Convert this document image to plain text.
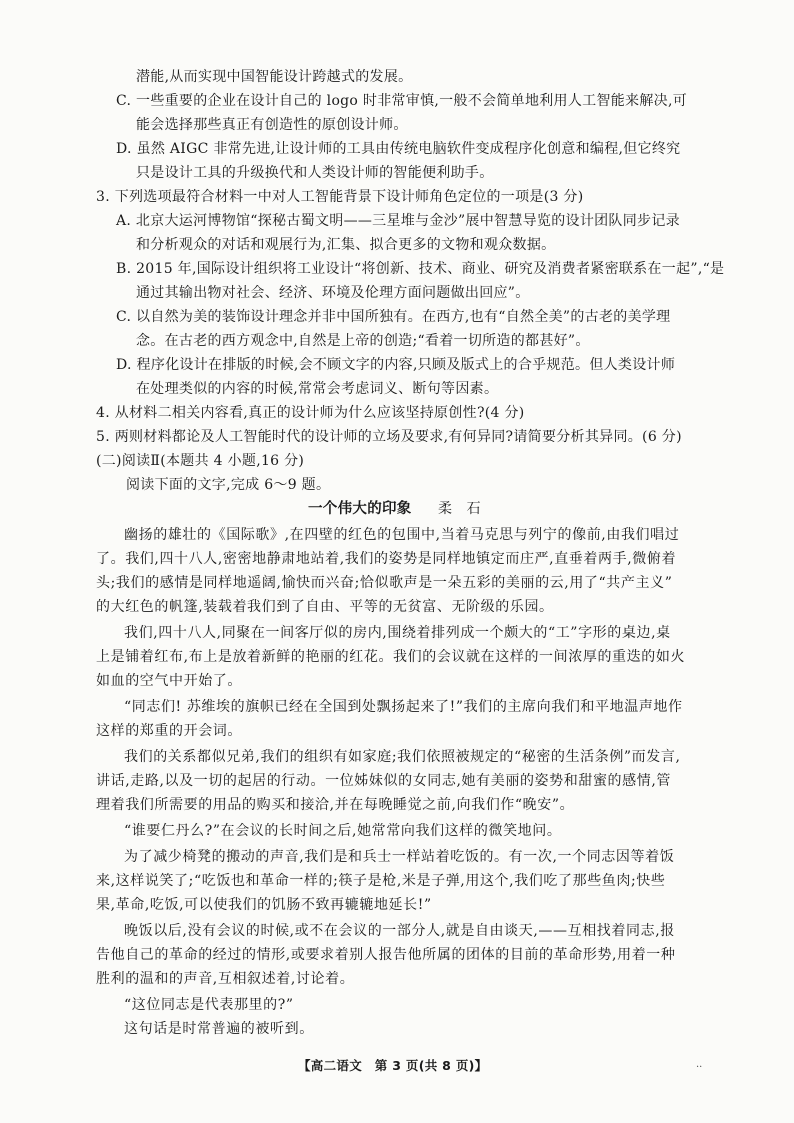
潜能,从而实现中国智能设计跨越式的发展。

C. 一些重要的企业在设计自己的 logo 时非常审慎,一般不会简单地利用人工智能来解决,可

能会选择那些真正有创造性的原创设计师。

D. 虽然 AIGC 非常先进,让设计师的工具由传统电脑软件变成程序化创意和编程,但它终究

只是设计工具的升级换代和人类设计师的智能便利助手。

3. 下列选项最符合材料一中对人工智能背景下设计师角色定位的一项是(3 分)

A. 北京大运河博物馆“探秘古蜀文明——三星堆与金沙”展中智慧导览的设计团队同步记录

和分析观众的对话和观展行为,汇集、拟合更多的文物和观众数据。

B. 2015 年,国际设计组织将工业设计“将创新、技术、商业、研究及消费者紧密联系在一起”,“是

通过其输出物对社会、经济、环境及伦理方面问题做出回应”。

C. 以自然为美的装饰设计理念并非中国所独有。在西方,也有“自然全美”的古老的美学理

念。在古老的西方观念中,自然是上帝的创造;“看着一切所造的都甚好”。

D. 程序化设计在排版的时候,会不顾文字的内容,只顾及版式上的合乎规范。但人类设计师

在处理类似的内容的时候,常常会考虑词义、断句等因素。

4. 从材料二相关内容看,真正的设计师为什么应该坚持原创性?(4 分)

5. 两则材料都论及人工智能时代的设计师的立场及要求,有何异同?请简要分析其异同。(6 分)

(二)阅读Ⅱ(本题共 4 小题,16 分)

阅读下面的文字,完成 6～9 题。

一个伟大的印象 柔　石

幽扬的雄壮的《国际歌》,在四壁的红色的包围中,当着马克思与列宁的像前,由我们唱过

了。我们,四十八人,密密地静肃地站着,我们的姿势是同样地镇定而庄严,直垂着两手,微俯着

头;我们的感情是同样地遥阔,愉快而兴奋;恰似歌声是一朵五彩的美丽的云,用了“共产主义”

的大红色的帆篷,装载着我们到了自由、平等的无贫富、无阶级的乐园。

我们,四十八人,同聚在一间客厅似的房内,围绕着排列成一个颇大的“工”字形的桌边,桌

上是铺着红布,布上是放着新鲜的艳丽的红花。我们的会议就在这样的一间浓厚的重迭的如火

如血的空气中开始了。

“同志们! 苏维埃的旗帜已经在全国到处飘扬起来了!”我们的主席向我们和平地温声地作

这样的郑重的开会词。

我们的关系都似兄弟,我们的组织有如家庭;我们依照被规定的“秘密的生活条例”而发言,

讲话,走路,以及一切的起居的行动。一位姊妹似的女同志,她有美丽的姿势和甜蜜的感情,管

理着我们所需要的用品的购买和接洽,并在每晚睡觉之前,向我们作“晚安”。

“谁要仁丹么?”在会议的长时间之后,她常常向我们这样的微笑地问。

为了减少椅凳的搬动的声音,我们是和兵士一样站着吃饭的。有一次,一个同志因等着饭

来,这样说笑了;“吃饭也和革命一样的;筷子是枪,米是子弹,用这个,我们吃了那些鱼肉;快些

果,革命,吃饭,可以使我们的饥肠不致再辘辘地延长!”

晚饭以后,没有会议的时候,或不在会议的一部分人,就是自由谈天,——互相找着同志,报

告他自己的革命的经过的情形,或要求着别人报告他所属的团体的目前的革命形势,用着一种

胜利的温和的声音,互相叙述着,讨论着。

“这位同志是代表那里的?”

这句话是时常普遍的被听到。

【高二语文　第 3 页(共 8 页)】	··
